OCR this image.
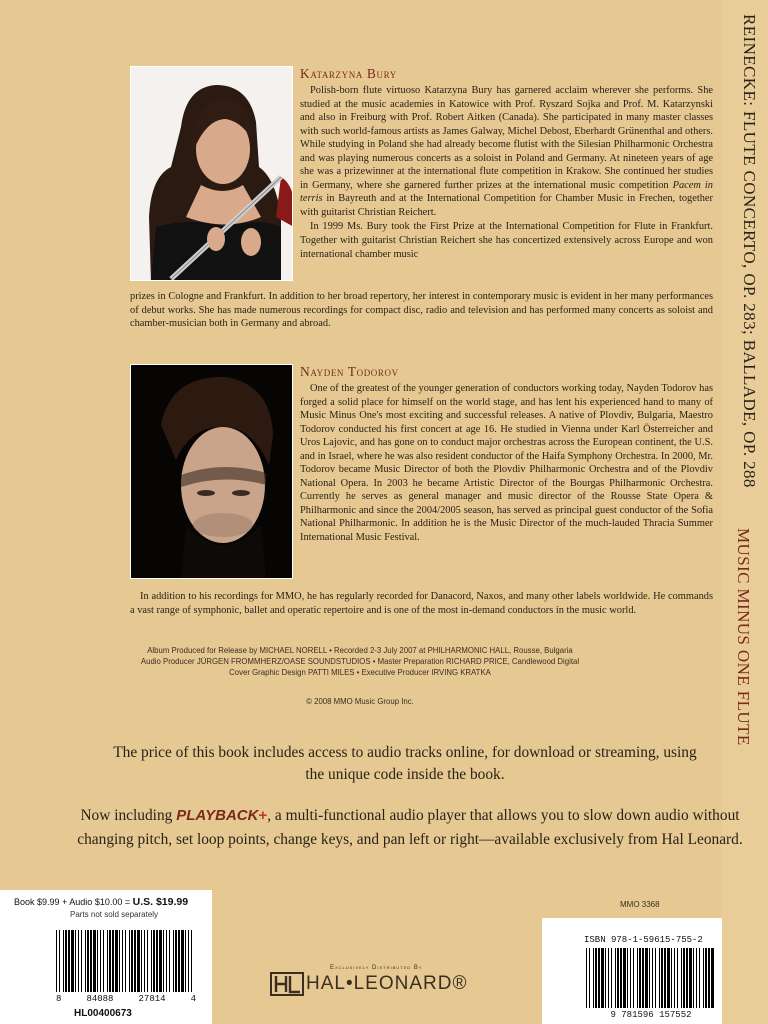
REINECKE: FLUTE CONCERTO, OP. 283; BALLADE, OP. 288
MUSIC MINUS ONE FLUTE
Katarzyna Bury

Polish-born flute virtuoso Katarzyna Bury has garnered acclaim wherever she performs. She studied at the music academies in Katowice with Prof. Ryszard Sojka and Prof. M. Katarzynski and also in Freiburg with Prof. Robert Aitken (Canada). She participated in many master classes with such world-famous artists as James Galway, Michel Debost, Eberhardt Grünenthal and others. While studying in Poland she had already become flutist with the Silesian Philharmonic Orchestra and was playing numerous concerts as a soloist in Poland and Germany. At nineteen years of age she was a prizewinner at the international flute competition in Krakow. She continued her studies in Germany, where she garnered further prizes at the international music competition Pacem in terris in Bayreuth and at the International Competition for Chamber Music in Frechen, together with guitarist Christian Reichert.

In 1999 Ms. Bury took the First Prize at the International Competition for Flute in Frankfurt. Together with guitarist Christian Reichert she has concertized extensively across Europe and won international chamber music

prizes in Cologne and Frankfurt. In addition to her broad repertory, her interest in contemporary music is evident in her many performances of debut works. She has made numerous recordings for compact disc, radio and television and has performed many concerts as soloist and chamber-musician both in Germany and abroad.
Nayden Todorov

One of the greatest of the younger generation of conductors working today, Nayden Todorov has forged a solid place for himself on the world stage, and has lent his experienced hand to many of Music Minus One's most exciting and successful releases. A native of Plovdiv, Bulgaria, Maestro Todorov conducted his first concert at age 16. He studied in Vienna under Karl Österreicher and Uros Lajovic, and has gone on to conduct major orchestras across the European continent, the U.S. and in Israel, where he was also resident conductor of the Haifa Symphony Orchestra. In 2000, Mr. Todorov became Music Director of both the Plovdiv Philharmonic Orchestra and of the Plovdiv National Opera. In 2003 he became Artistic Director of the Bourgas Philharmonic Orchestra. Currently he serves as general manager and music director of the Rousse State Opera & Philharmonic and since the 2004/2005 season, has served as principal guest conductor of the Sofia National Philharmonic. In addition he is the Music Director of the much-lauded Thracia Summer International Music Festival.

In addition to his recordings for MMO, he has regularly recorded for Danacord, Naxos, and many other labels worldwide. He commands a vast range of symphonic, ballet and operatic repertoire and is one of the most in-demand conductors in the music world.
Album Produced for Release by MICHAEL NORELL • Recorded 2-3 July 2007 at PHILHARMONIC HALL, Rousse, Bulgaria
Audio Producer JÜRGEN FROMMHERZ/OASE SOUNDSTUDIOS • Master Preparation RICHARD PRICE, Candlewood Digital
Cover Graphic Design PATTI MILES • Executive Producer IRVING KRATKA
© 2008 MMO Music Group Inc.
The price of this book includes access to audio tracks online, for download or streaming, using the unique code inside the book.
Now including PLAYBACK+, a multi-functional audio player that allows you to slow down audio without changing pitch, set loop points, change keys, and pan left or right—available exclusively from Hal Leonard.
Book $9.99 + Audio $10.00 = U.S. $19.99
Parts not sold separately
8	84088	27814	4
HL00400673
MMO 3368
ISBN 978-1-59615-755-2
9 781596 157552
Exclusively Distributed By
HAL•LEONARD®
